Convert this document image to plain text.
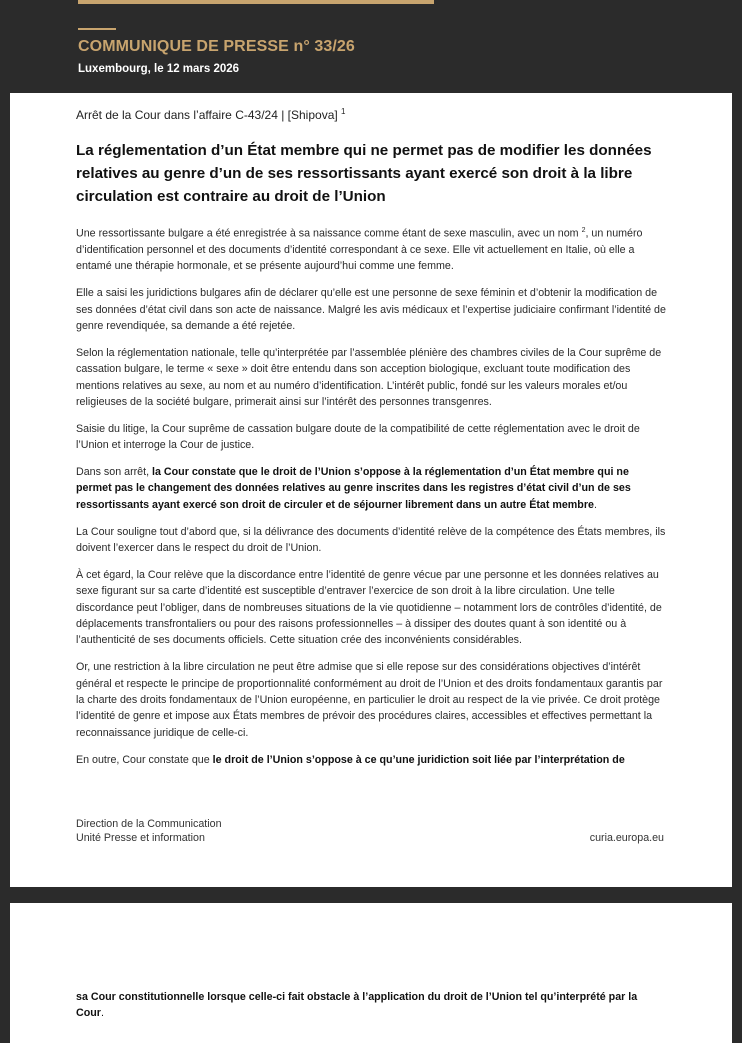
COMMUNIQUE DE PRESSE n° 33/26
Luxembourg, le 12 mars 2026
Arrêt de la Cour dans l’affaire C-43/24 | [Shipova] $^1$
La réglementation d’un État membre qui ne permet pas de modifier les données relatives au genre d’un de ses ressortissants ayant exercé son droit à la libre circulation est contraire au droit de l’Union

Une ressortissante bulgare a été enregistrée à sa naissance comme étant de sexe masculin, avec un nom $^2$, un numéro d’identification personnel et des documents d’identité correspondant à ce sexe. Elle vit actuellement en Italie, où elle a entamé une thérapie hormonale, et se présente aujourd’hui comme une femme.

Elle a saisi les juridictions bulgares afin de déclarer qu’elle est une personne de sexe féminin et d’obtenir la modification de ses données d’état civil dans son acte de naissance. Malgré les avis médicaux et l’expertise judiciaire confirmant l’identité de genre revendiquée, sa demande a été rejetée.

Selon la réglementation nationale, telle qu’interprétée par l’assemblée plénière des chambres civiles de la Cour suprême de cassation bulgare, le terme « sexe » doit être entendu dans son acception biologique, excluant toute modification des mentions relatives au sexe, au nom et au numéro d’identification. L’intérêt public, fondé sur les valeurs morales et/ou religieuses de la société bulgare, primerait ainsi sur l’intérêt des personnes transgenres.

Saisie du litige, la Cour suprême de cassation bulgare doute de la compatibilité de cette réglementation avec le droit de l’Union et interroge la Cour de justice.

Dans son arrêt, la Cour constate que le droit de l’Union s’oppose à la réglementation d’un État membre qui ne permet pas le changement des données relatives au genre inscrites dans les registres d’état civil d’un de ses ressortissants ayant exercé son droit de circuler et de séjourner librement dans un autre État membre.

La Cour souligne tout d’abord que, si la délivrance des documents d’identité relève de la compétence des États membres, ils doivent l’exercer dans le respect du droit de l’Union.

À cet égard, la Cour relève que la discordance entre l’identité de genre vécue par une personne et les données relatives au sexe figurant sur sa carte d’identité est susceptible d’entraver l’exercice de son droit à la libre circulation. Une telle discordance peut l’obliger, dans de nombreuses situations de la vie quotidienne – notamment lors de contrôles d’identité, de déplacements transfrontaliers ou pour des raisons professionnelles – à dissiper des doutes quant à son identité ou à l’authenticité de ses documents officiels. Cette situation crée des inconvénients considérables.

Or, une restriction à la libre circulation ne peut être admise que si elle repose sur des considérations objectives d’intérêt général et respecte le principe de proportionnalité conformément au droit de l’Union et des droits fondamentaux garantis par la charte des droits fondamentaux de l’Union européenne, en particulier le droit au respect de la vie privée. Ce droit protège l’identité de genre et impose aux États membres de prévoir des procédures claires, accessibles et effectives permettant la reconnaissance juridique de celle-ci.

En outre, Cour constate que le droit de l’Union s’oppose à ce qu’une juridiction soit liée par l’interprétation de

Direction de la Communication
Unité Presse et information	curia.europa.eu
sa Cour constitutionnelle lorsque celle-ci fait obstacle à l’application du droit de l’Union tel qu’interprété par la Cour.
